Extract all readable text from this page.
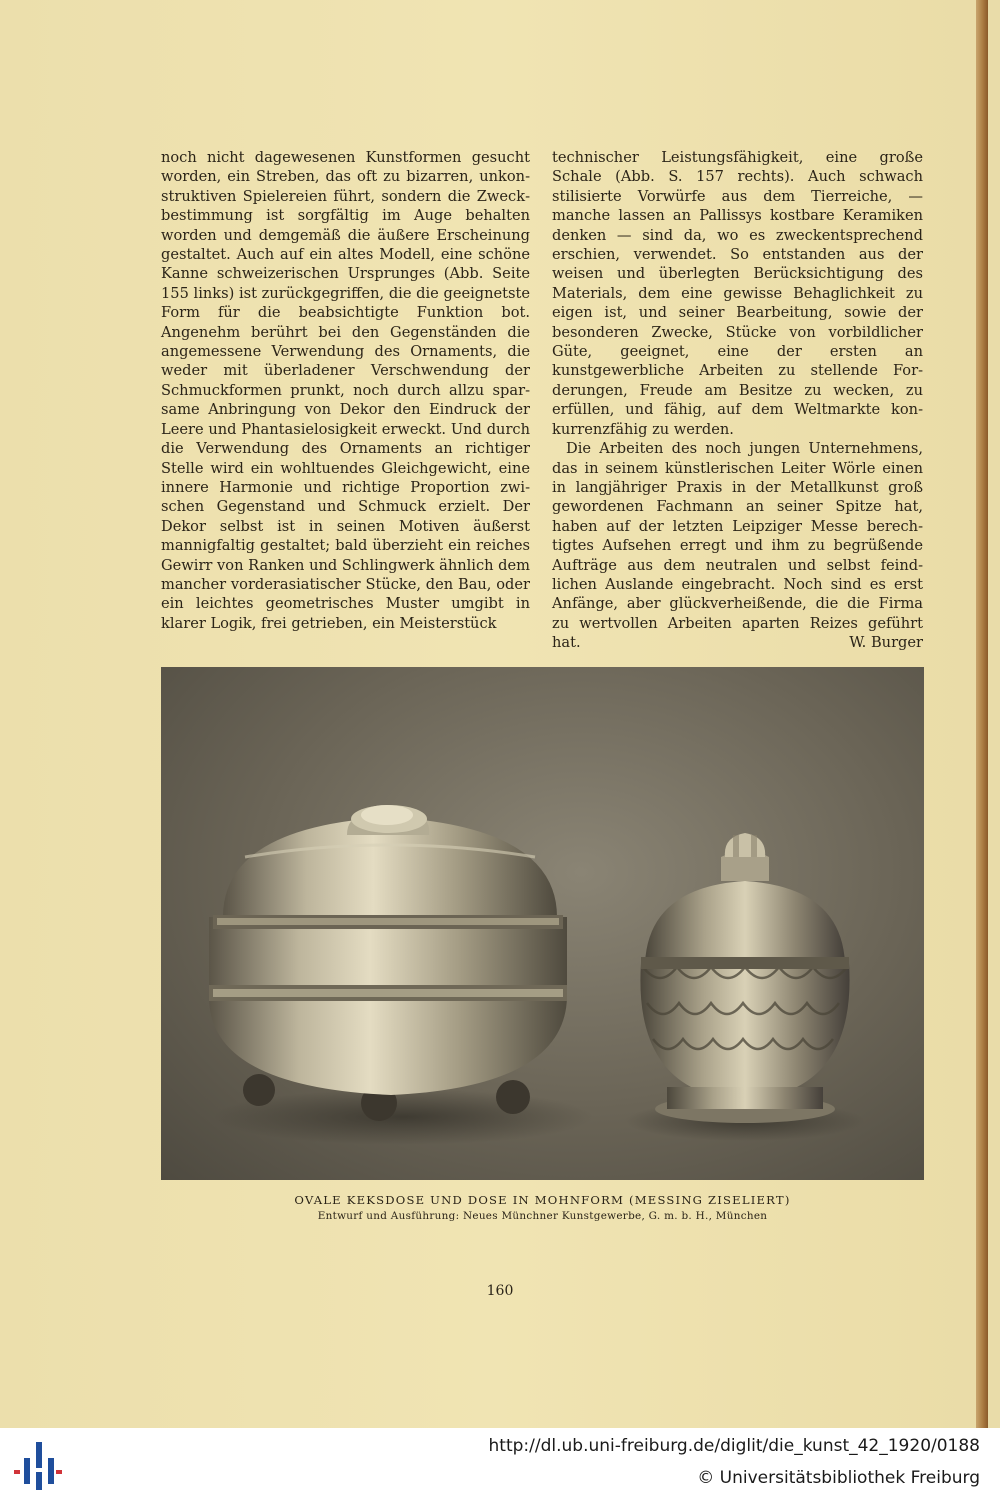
noch nicht dagewesenen Kunstformen gesucht worden, ein Streben, das oft zu bizarren, unkonstruktiven Spielereien führt, sondern die Zweckbestimmung ist sorgfältig im Auge behalten worden und demgemäß die äußere Erscheinung gestaltet. Auch auf ein altes Modell, eine schöne Kanne schweizerischen Ursprunges (Abb. Seite 155 links) ist zurückgegriffen, die die geeignetste Form für die beabsichtigte Funktion bot. Angenehm berührt bei den Gegenständen die angemessene Verwendung des Ornaments, die weder mit überladener Verschwendung der Schmuckformen prunkt, noch durch allzu sparsame Anbringung von Dekor den Eindruck der Leere und Phantasielosigkeit erweckt. Und durch die Verwendung des Ornaments an richtiger Stelle wird ein wohltuendes Gleichgewicht, eine innere Harmonie und richtige Proportion zwischen Gegenstand und Schmuck erzielt. Der Dekor selbst ist in seinen Motiven äußerst mannigfaltig gestaltet; bald überzieht ein reiches Gewirr von Ranken und Schlingwerk ähnlich dem mancher vorderasiatischer Stücke, den Bau, oder ein leichtes geometrisches Muster umgibt in klarer Logik, frei getrieben, ein Meisterstück

technischer Leistungsfähigkeit, eine große Schale (Abb. S. 157 rechts). Auch schwach stilisierte Vorwürfe aus dem Tierreiche, — manche lassen an Pallissys kostbare Keramiken denken — sind da, wo es zweckentsprechend erschien, verwendet. So entstanden aus der weisen und überlegten Berücksichtigung des Materials, dem eine gewisse Behaglichkeit zu eigen ist, und seiner Bearbeitung, sowie der besonderen Zwecke, Stücke von vorbildlicher Güte, geeignet, eine der ersten an kunstgewerbliche Arbeiten zu stellende Forderungen, Freude am Besitze zu wecken, zu erfüllen, und fähig, auf dem Weltmarkte konkurrenzfähig zu werden.

Die Arbeiten des noch jungen Unternehmens, das in seinem künstlerischen Leiter Wörle einen in langjähriger Praxis in der Metallkunst groß gewordenen Fachmann an seiner Spitze hat, haben auf der letzten Leipziger Messe berechtigtes Aufsehen erregt und ihm zu begrüßende Aufträge aus dem neutralen und selbst feindlichen Auslande eingebracht. Noch sind es erst Anfänge, aber glückverheißende, die die Firma zu wertvollen Arbeiten aparten Reizes geführt hat.	W. Burger

OVALE KEKSDOSE UND DOSE IN MOHNFORM (MESSING ZISELIERT)
Entwurf und Ausführung: Neues Münchner Kunstgewerbe, G. m. b. H., München
160
http://dl.ub.uni-freiburg.de/diglit/die_kunst_42_1920/0188
© Universitätsbibliothek Freiburg
